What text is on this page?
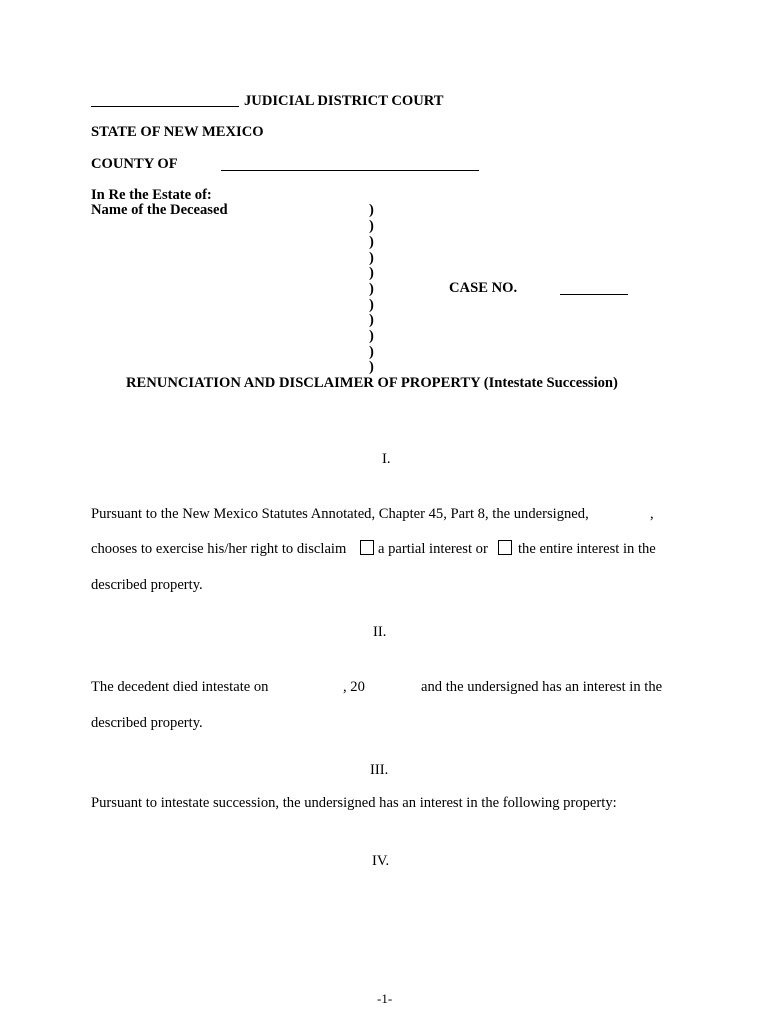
JUDICIAL DISTRICT COURT
STATE OF NEW MEXICO
COUNTY OF
In Re the Estate of:
Name of the Deceased	)
)
)
)
)
)
)
)
)
)
)
CASE NO.
RENUNCIATION AND DISCLAIMER OF PROPERTY (Intestate Succession)
I.
Pursuant to the New Mexico Statutes Annotated, Chapter 45, Part 8, the undersigned,	,
chooses to exercise his/her right to disclaim a partial interest or the entire interest in the
described property.
II.
The decedent died intestate on	, 20	and the undersigned has an interest in the
described property.
III.
Pursuant to intestate succession, the undersigned has an interest in the following property:
IV.
-1-
